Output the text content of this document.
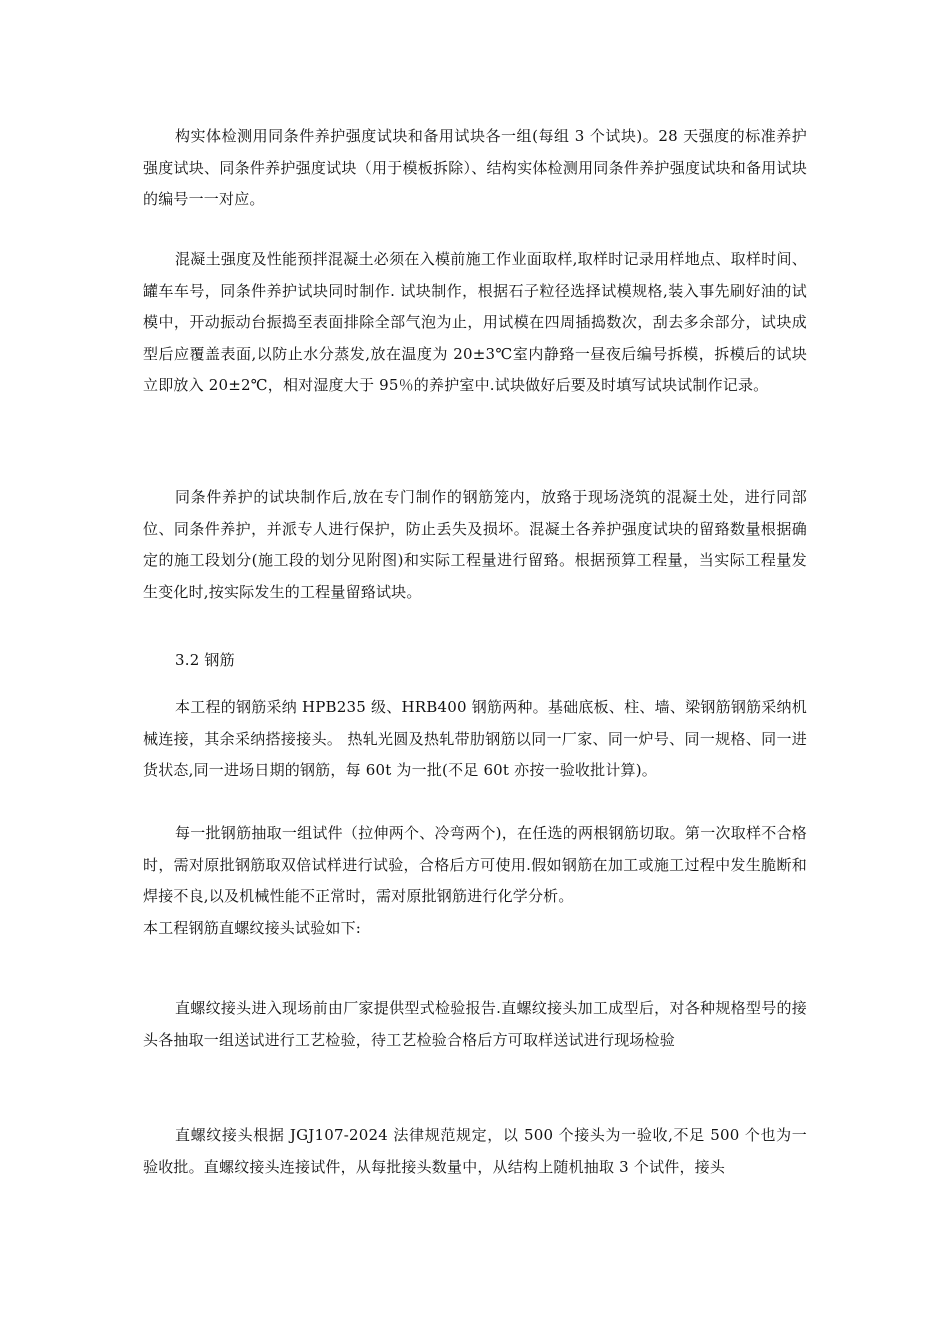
构实体检测用同条件养护强度试块和备用试块各一组(每组 3 个试块)。28 天强度的标准养护强度试块、同条件养护强度试块（用于模板拆除）、结构实体检测用同条件养护强度试块和备用试块的编号一一对应。

混凝土强度及性能预拌混凝土必须在入模前施工作业面取样,取样时记录用样地点、取样时间、罐车车号，同条件养护试块同时制作. 试块制作，根据石子粒径选择试模规格,装入事先刷好油的试模中，开动振动台振捣至表面排除全部气泡为止，用试模在四周插捣数次，刮去多余部分，试块成型后应覆盖表面,以防止水分蒸发,放在温度为 20±3℃室内静臵一昼夜后编号拆模，拆模后的试块立即放入 20±2℃，相对湿度大于 95％的养护室中.试块做好后要及时填写试块试制作记录。

同条件养护的试块制作后,放在专门制作的钢筋笼内，放臵于现场浇筑的混凝土处，进行同部位、同条件养护，并派专人进行保护，防止丢失及损坏。混凝土各养护强度试块的留臵数量根据确定的施工段划分(施工段的划分见附图)和实际工程量进行留臵。根据预算工程量，当实际工程量发生变化时,按实际发生的工程量留臵试块。

3.2 钢筋

本工程的钢筋采纳 HPB235 级、HRB400 钢筋两种。基础底板、柱、墙、梁钢筋钢筋采纳机械连接，其余采纳搭接接头。 热轧光圆及热轧带肋钢筋以同一厂家、同一炉号、同一规格、同一进货状态,同一进场日期的钢筋，每 60t 为一批(不足 60t 亦按一验收批计算)。

每一批钢筋抽取一组试件（拉伸两个、冷弯两个)，在任选的两根钢筋切取。第一次取样不合格时，需对原批钢筋取双倍试样进行试验，合格后方可使用.假如钢筋在加工或施工过程中发生脆断和焊接不良,以及机械性能不正常时，需对原批钢筋进行化学分析。

本工程钢筋直螺纹接头试验如下:

直螺纹接头进入现场前由厂家提供型式检验报告.直螺纹接头加工成型后，对各种规格型号的接头各抽取一组送试进行工艺检验，待工艺检验合格后方可取样送试进行现场检验

直螺纹接头根据 JGJ107-2024 法律规范规定，以 500 个接头为一验收,不足 500 个也为一验收批。直螺纹接头连接试件，从每批接头数量中，从结构上随机抽取 3 个试件，接头
